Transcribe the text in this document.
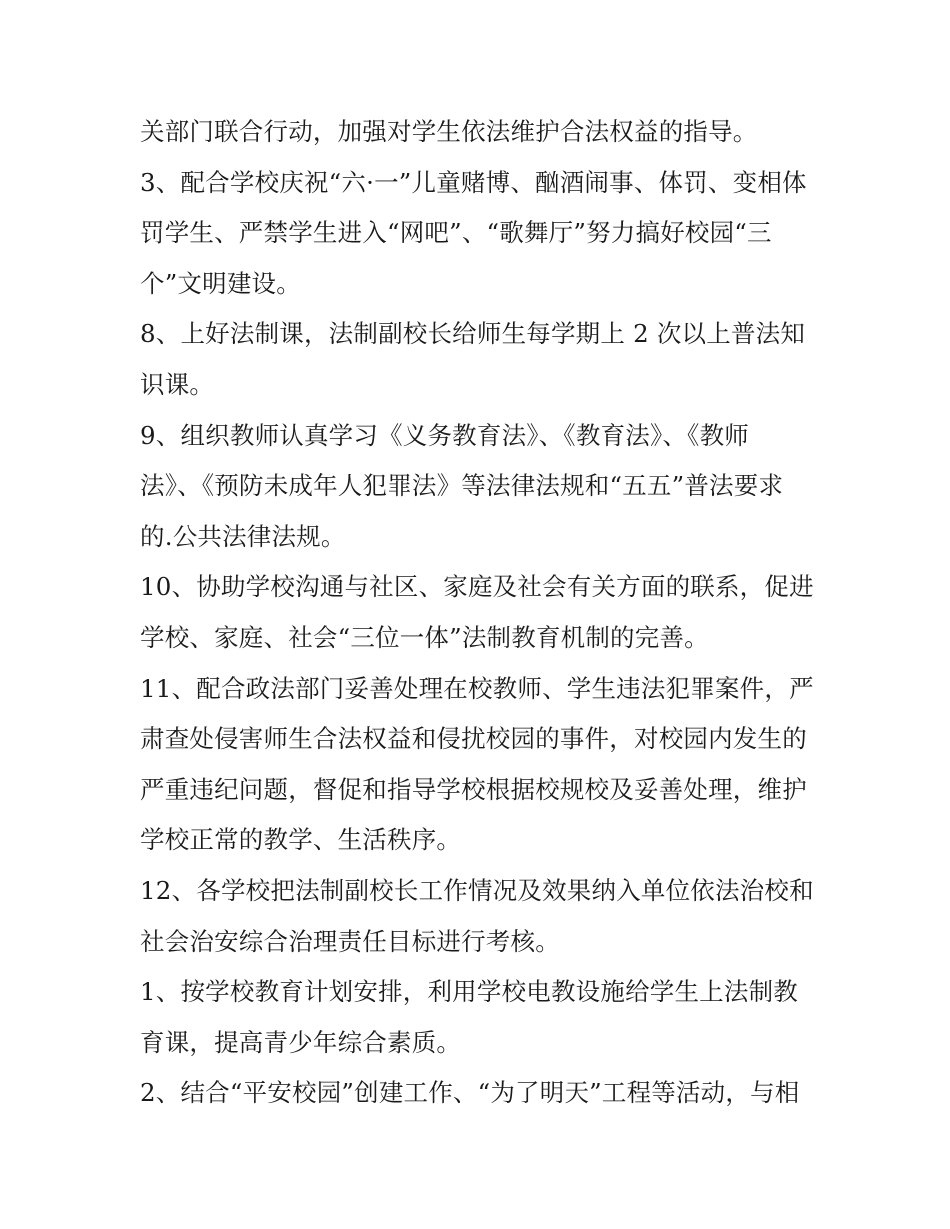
关部门联合行动，加强对学生依法维护合法权益的指导。
3、配合学校庆祝“六·一”儿童赌博、酗酒闹事、体罚、变相体
罚学生、严禁学生进入“网吧”、“歌舞厅”努力搞好校园“三
个”文明建设。
8、上好法制课，法制副校长给师生每学期上 2 次以上普法知
识课。
9、组织教师认真学习《义务教育法》、《教育法》、《教师
法》、《预防未成年人犯罪法》等法律法规和“五五”普法要求
的.公共法律法规。
10、协助学校沟通与社区、家庭及社会有关方面的联系，促进
学校、家庭、社会“三位一体”法制教育机制的完善。
11、配合政法部门妥善处理在校教师、学生违法犯罪案件，严
肃查处侵害师生合法权益和侵扰校园的事件，对校园内发生的
严重违纪问题，督促和指导学校根据校规校及妥善处理，维护
学校正常的教学、生活秩序。
12、各学校把法制副校长工作情况及效果纳入单位依法治校和
社会治安综合治理责任目标进行考核。
1、按学校教育计划安排，利用学校电教设施给学生上法制教
育课，提高青少年综合素质。
2、结合“平安校园”创建工作、“为了明天”工程等活动，与相
